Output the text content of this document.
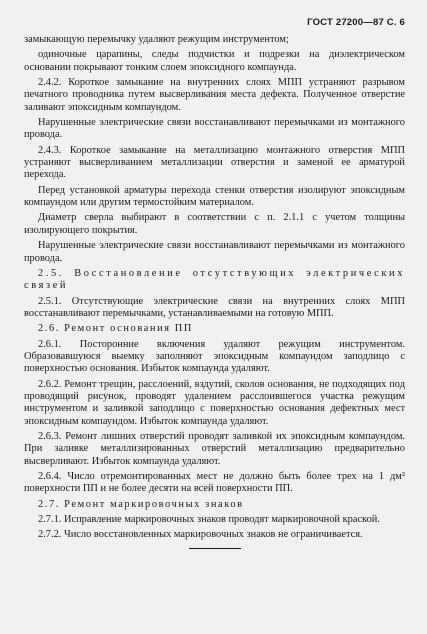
ГОСТ 27200—87 С. 6

замыкающую перемычку удаляют режущим инструментом;

одиночные царапины, следы подчистки и подрезки на диэлектрическом основании покрывают тонким слоем эпоксидного компаунда.

2.4.2. Короткое замыкание на внутренних слоях МПП устраняют разрывом печатного проводника путем высверливания места дефекта. Полученное отверстие заливают эпоксидным компаундом.

Нарушенные электрические связи восстанавливают перемычками из монтажного провода.

2.4.3. Короткое замыкание на металлизацию монтажного отверстия МПП устраняют высверливанием металлизации отверстия и заменой ее арматурой перехода.

Перед установкой арматуры перехода стенки отверстия изолируют эпоксидным компаундом или другим термостойким материалом.

Диаметр сверла выбирают в соответствии с п. 2.1.1 с учетом толщины изолирующего покрытия.

Нарушенные электрические связи восстанавливают перемычками из монтажного провода.

2.5. Восстановление отсутствующих электрических связей

2.5.1. Отсутствующие электрические связи на внутренних слоях МПП восстанавливают перемычками, устанавливаемыми на готовую МПП.

2.6. Ремонт основания ПП

2.6.1. Посторонние включения удаляют режущим инструментом. Образовавшуюся выемку заполняют эпоксидным компаундом заподлицо с поверхностью основания. Избыток компаунда удаляют.

2.6.2. Ремонт трещин, расслоений, вздутий, сколов основания, не подходящих под проводящий рисунок, проводят удалением расслоившегося участка режущим инструментом и заливкой заподлицо с поверхностью основания дефектных мест эпоксидным компаундом. Избыток компаунда удаляют.

2.6.3. Ремонт лишних отверстий проводят заливкой их эпоксидным компаундом. При заливке металлизированных отверстий металлизацию предварительно высверливают. Избыток компаунда удаляют.

2.6.4. Число отремонтированных мест не должно быть более трех на 1 дм² поверхности ПП и не более десяти на всей поверхности ПП.

2.7. Ремонт маркировочных знаков

2.7.1. Исправление маркировочных знаков проводят маркировочной краской.

2.7.2. Число восстановленных маркировочных знаков не ограничивается.
